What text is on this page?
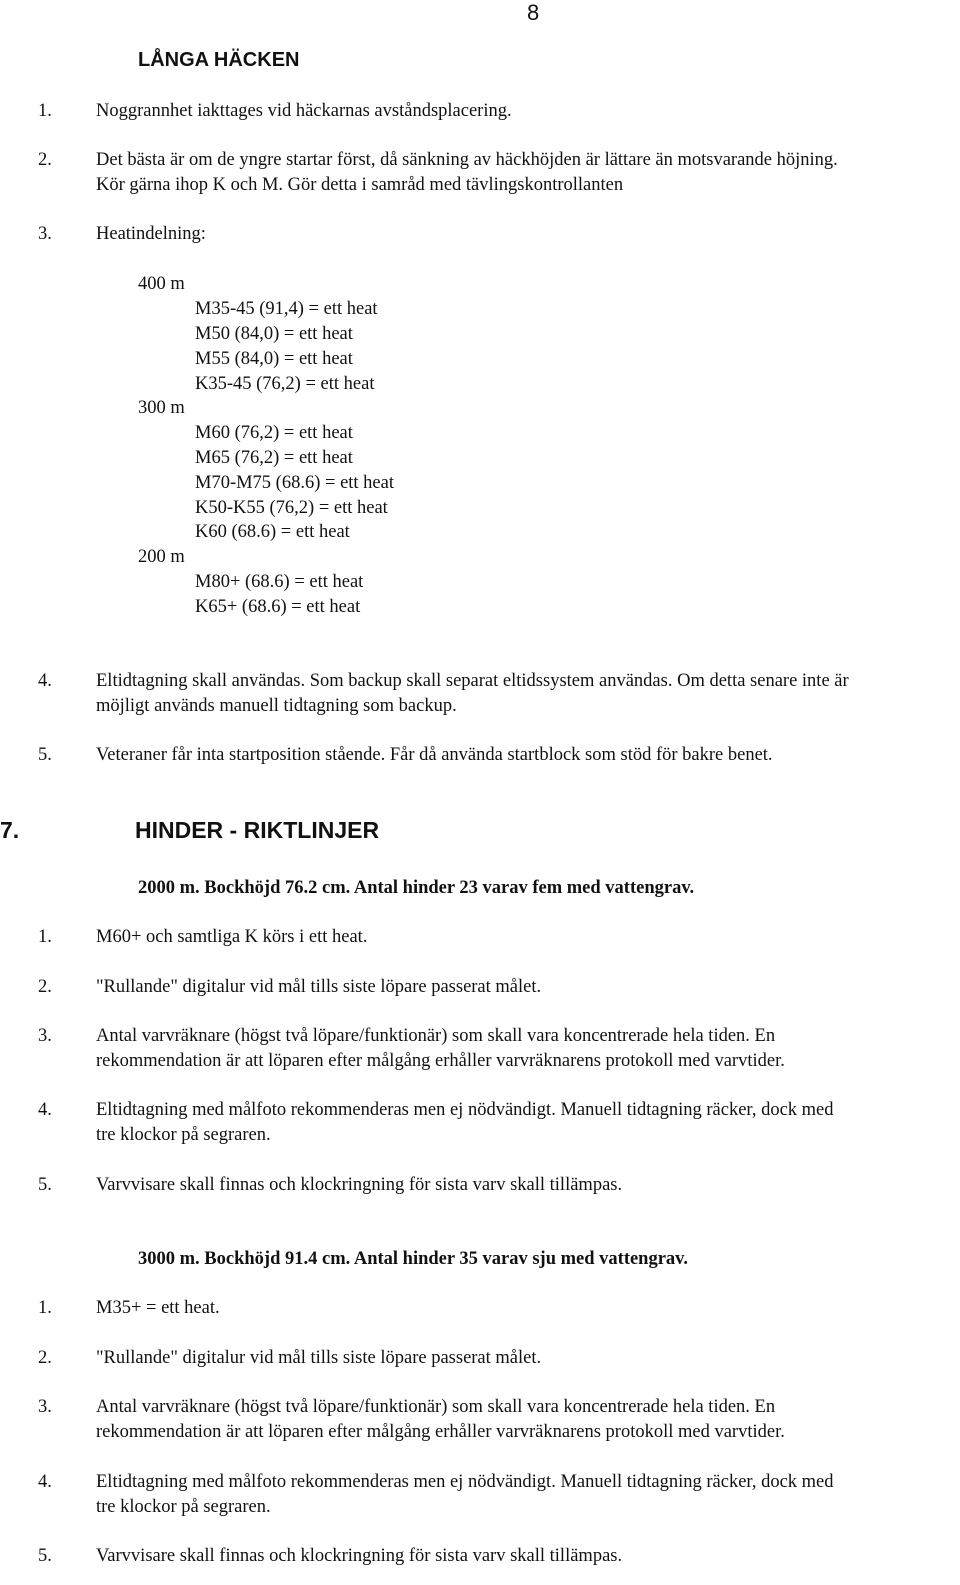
8
LÅNGA HÄCKEN
1. Noggrannhet iakttages vid häckarnas avståndsplacering.
2. Det bästa är om de yngre startar först, då sänkning av häckhöjden är lättare än motsvarande höjning.
Kör gärna ihop K och M. Gör detta i samråd med tävlingskontrollanten
3. Heatindelning:
400 m
M35-45 (91,4) = ett heat
M50 (84,0) = ett heat
M55 (84,0) = ett heat
K35-45 (76,2) = ett heat
300 m
M60 (76,2) = ett heat
M65 (76,2) = ett heat
M70-M75 (68.6) = ett heat
K50-K55 (76,2) = ett heat
K60 (68.6) = ett heat
200 m
M80+ (68.6) = ett heat
K65+ (68.6) = ett heat
4. Eltidtagning skall användas. Som backup skall separat eltidssystem användas. Om detta senare inte är
möjligt används manuell tidtagning som backup.
5. Veteraner får inta startposition stående. Får då använda startblock som stöd för bakre benet.
7.	HINDER - RIKTLINJER
2000 m. Bockhöjd 76.2 cm. Antal hinder 23 varav fem med vattengrav.
1. M60+ och samtliga K körs i ett heat.
2. "Rullande" digitalur vid mål tills siste löpare passerat målet.
3. Antal varvräknare (högst två löpare/funktionär) som skall vara koncentrerade hela tiden. En
rekommendation är att löparen efter målgång erhåller varvräknarens protokoll med varvtider.
4. Eltidtagning med målfoto rekommenderas men ej nödvändigt. Manuell tidtagning räcker, dock med
tre klockor på segraren.
5. Varvvisare skall finnas och klockringning för sista varv skall tillämpas.
3000 m. Bockhöjd 91.4 cm. Antal hinder 35 varav sju med vattengrav.
1. M35+ = ett heat.
2. "Rullande" digitalur vid mål tills siste löpare passerat målet.
3. Antal varvräknare (högst två löpare/funktionär) som skall vara koncentrerade hela tiden. En
rekommendation är att löparen efter målgång erhåller varvräknarens protokoll med varvtider.
4. Eltidtagning med målfoto rekommenderas men ej nödvändigt. Manuell tidtagning räcker, dock med
tre klockor på segraren.
5. Varvvisare skall finnas och klockringning för sista varv skall tillämpas.
